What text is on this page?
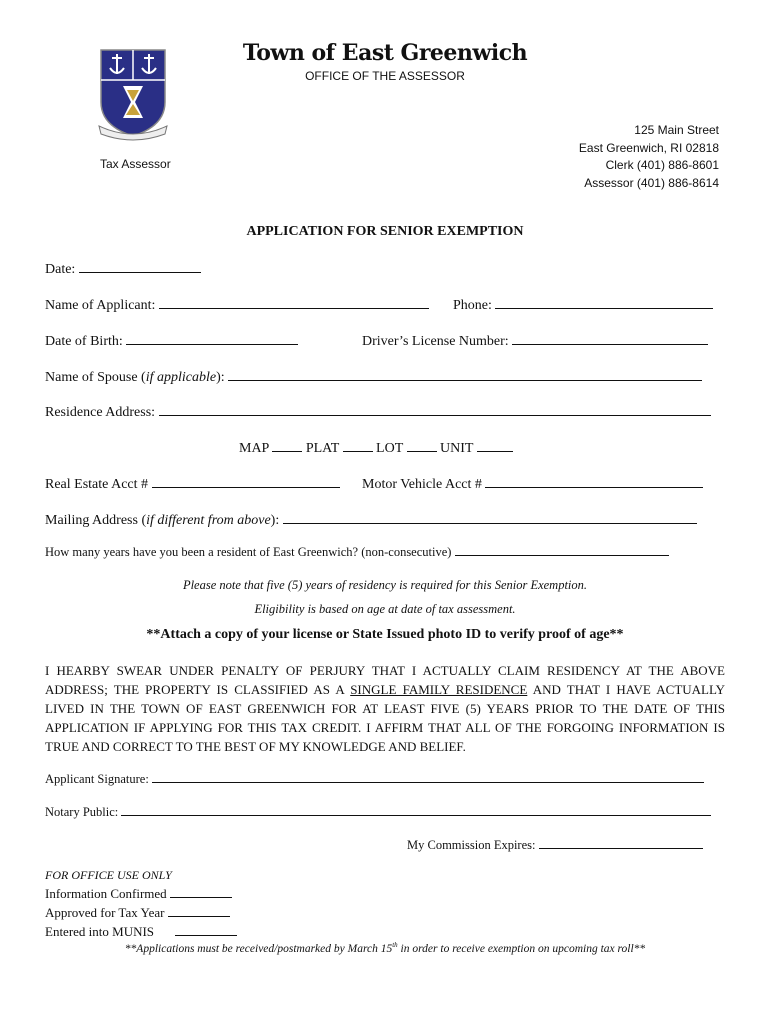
Town of East Greenwich
OFFICE OF THE ASSESSOR
Tax Assessor
125 Main Street
East Greenwich, RI 02818
Clerk (401) 886-8601
Assessor (401) 886-8614
APPLICATION FOR SENIOR EXEMPTION
Date:
Name of Applicant:	Phone:
Date of Birth:	Driver’s License Number:
Name of Spouse (if applicable):
Residence Address:
MAP	PLAT	LOT	UNIT
Real Estate Acct #	Motor Vehicle Acct #
Mailing Address (if different from above):
How many years have you been a resident of East Greenwich? (non-consecutive)
Please note that five (5) years of residency is required for this Senior Exemption.
Eligibility is based on age at date of tax assessment.
**Attach a copy of your license or State Issued photo ID to verify proof of age**
I HEARBY SWEAR UNDER PENALTY OF PERJURY THAT I ACTUALLY CLAIM RESIDENCY AT THE ABOVE ADDRESS; THE PROPERTY IS CLASSIFIED AS A SINGLE FAMILY RESIDENCE AND THAT I HAVE ACTUALLY LIVED IN THE TOWN OF EAST GREENWICH FOR AT LEAST FIVE (5) YEARS PRIOR TO THE DATE OF THIS APPLICATION IF APPLYING FOR THIS TAX CREDIT. I AFFIRM THAT ALL OF THE FORGOING INFORMATION IS TRUE AND CORRECT TO THE BEST OF MY KNOWLEDGE AND BELIEF.
Applicant Signature:
Notary Public:
My Commission Expires:
FOR OFFICE USE ONLY
Information Confirmed
Approved for Tax Year
Entered into MUNIS
**Applications must be received/postmarked by March 15th in order to receive exemption on upcoming tax roll**
